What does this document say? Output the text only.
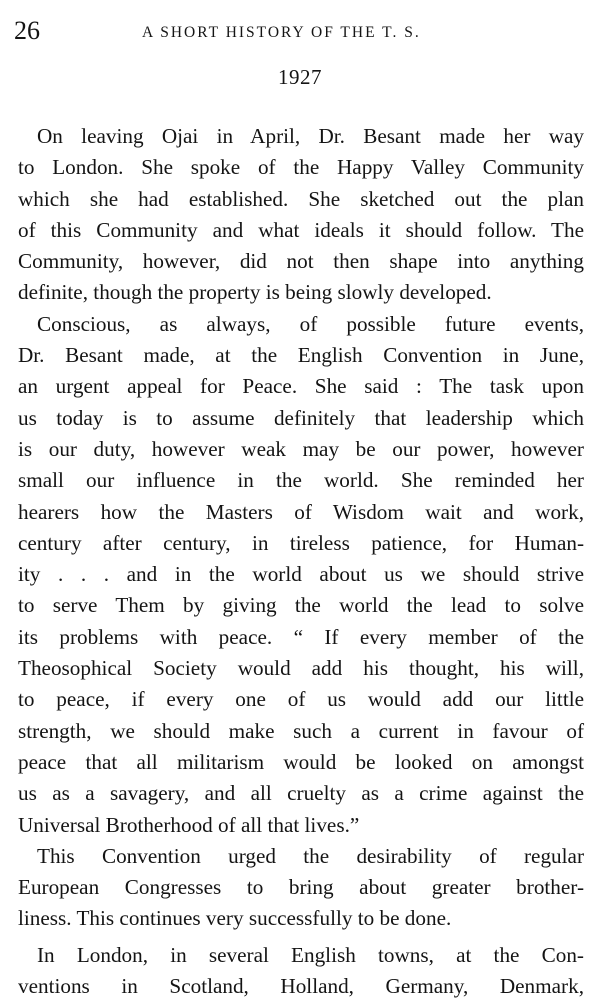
26	A SHORT HISTORY OF THE T. S.
1927
On leaving Ojai in April, Dr. Besant made her way
to London. She spoke of the Happy Valley Community
which she had established. She sketched out the plan
of this Community and what ideals it should follow. The
Community, however, did not then shape into anything
definite, though the property is being slowly developed.
Conscious, as always, of possible future events,
Dr. Besant made, at the English Convention in June,
an urgent appeal for Peace. She said : The task upon
us today is to assume definitely that leadership which
is our duty, however weak may be our power, however
small our influence in the world. She reminded her
hearers how the Masters of Wisdom wait and work,
century after century, in tireless patience, for Human-
ity . . . and in the world about us we should strive
to serve Them by giving the world the lead to solve
its problems with peace. “ If every member of the
Theosophical Society would add his thought, his will,
to peace, if every one of us would add our little
strength, we should make such a current in favour of
peace that all militarism would be looked on amongst
us as a savagery, and all cruelty as a crime against the
Universal Brotherhood of all that lives.”
This Convention urged the desirability of regular
European Congresses to bring about greater brother-
liness. This continues very successfully to be done.
In London, in several English towns, at the Con-
ventions in Scotland, Holland, Germany, Denmark,
